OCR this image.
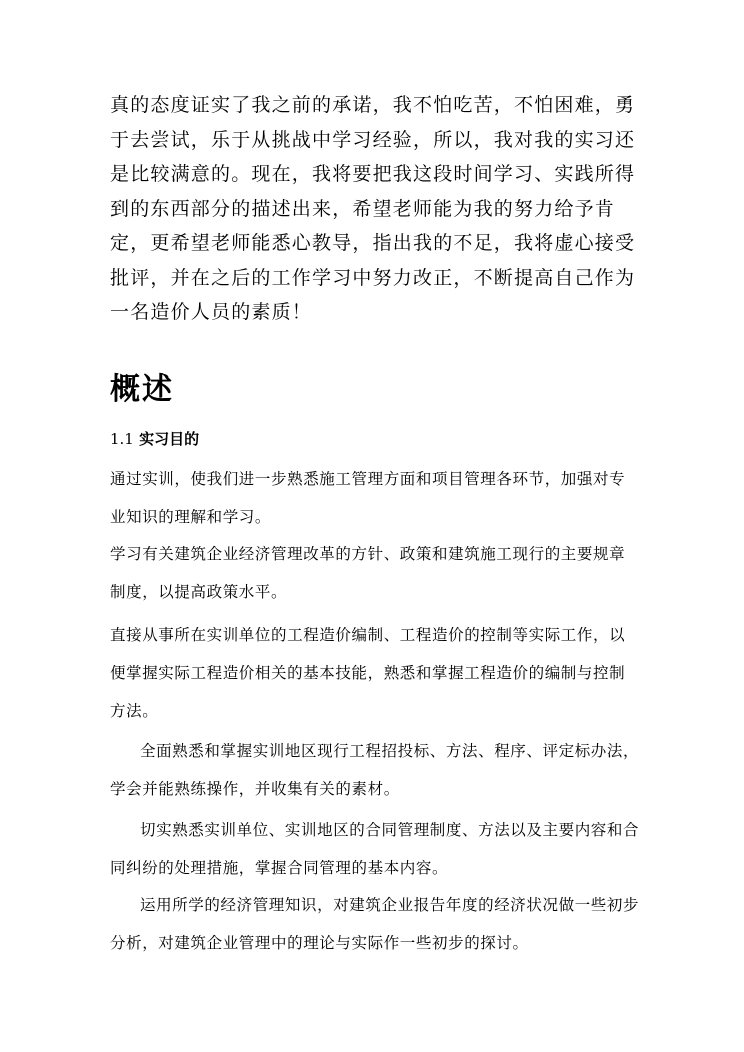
真的态度证实了我之前的承诺，我不怕吃苦，不怕困难，勇于去尝试，乐于从挑战中学习经验，所以，我对我的实习还是比较满意的。现在，我将要把我这段时间学习、实践所得到的东西部分的描述出来，希望老师能为我的努力给予肯定，更希望老师能悉心教导，指出我的不足，我将虚心接受批评，并在之后的工作学习中努力改正，不断提高自己作为一名造价人员的素质！

概述
1.1 实习目的

通过实训，使我们进一步熟悉施工管理方面和项目管理各环节，加强对专业知识的理解和学习。

学习有关建筑企业经济管理改革的方针、政策和建筑施工现行的主要规章制度，以提高政策水平。

直接从事所在实训单位的工程造价编制、工程造价的控制等实际工作，以便掌握实际工程造价相关的基本技能，熟悉和掌握工程造价的编制与控制方法。

全面熟悉和掌握实训地区现行工程招投标、方法、程序、评定标办法，学会并能熟练操作，并收集有关的素材。

切实熟悉实训单位、实训地区的合同管理制度、方法以及主要内容和合同纠纷的处理措施，掌握合同管理的基本内容。

运用所学的经济管理知识，对建筑企业报告年度的经济状况做一些初步分析，对建筑企业管理中的理论与实际作一些初步的探讨。
